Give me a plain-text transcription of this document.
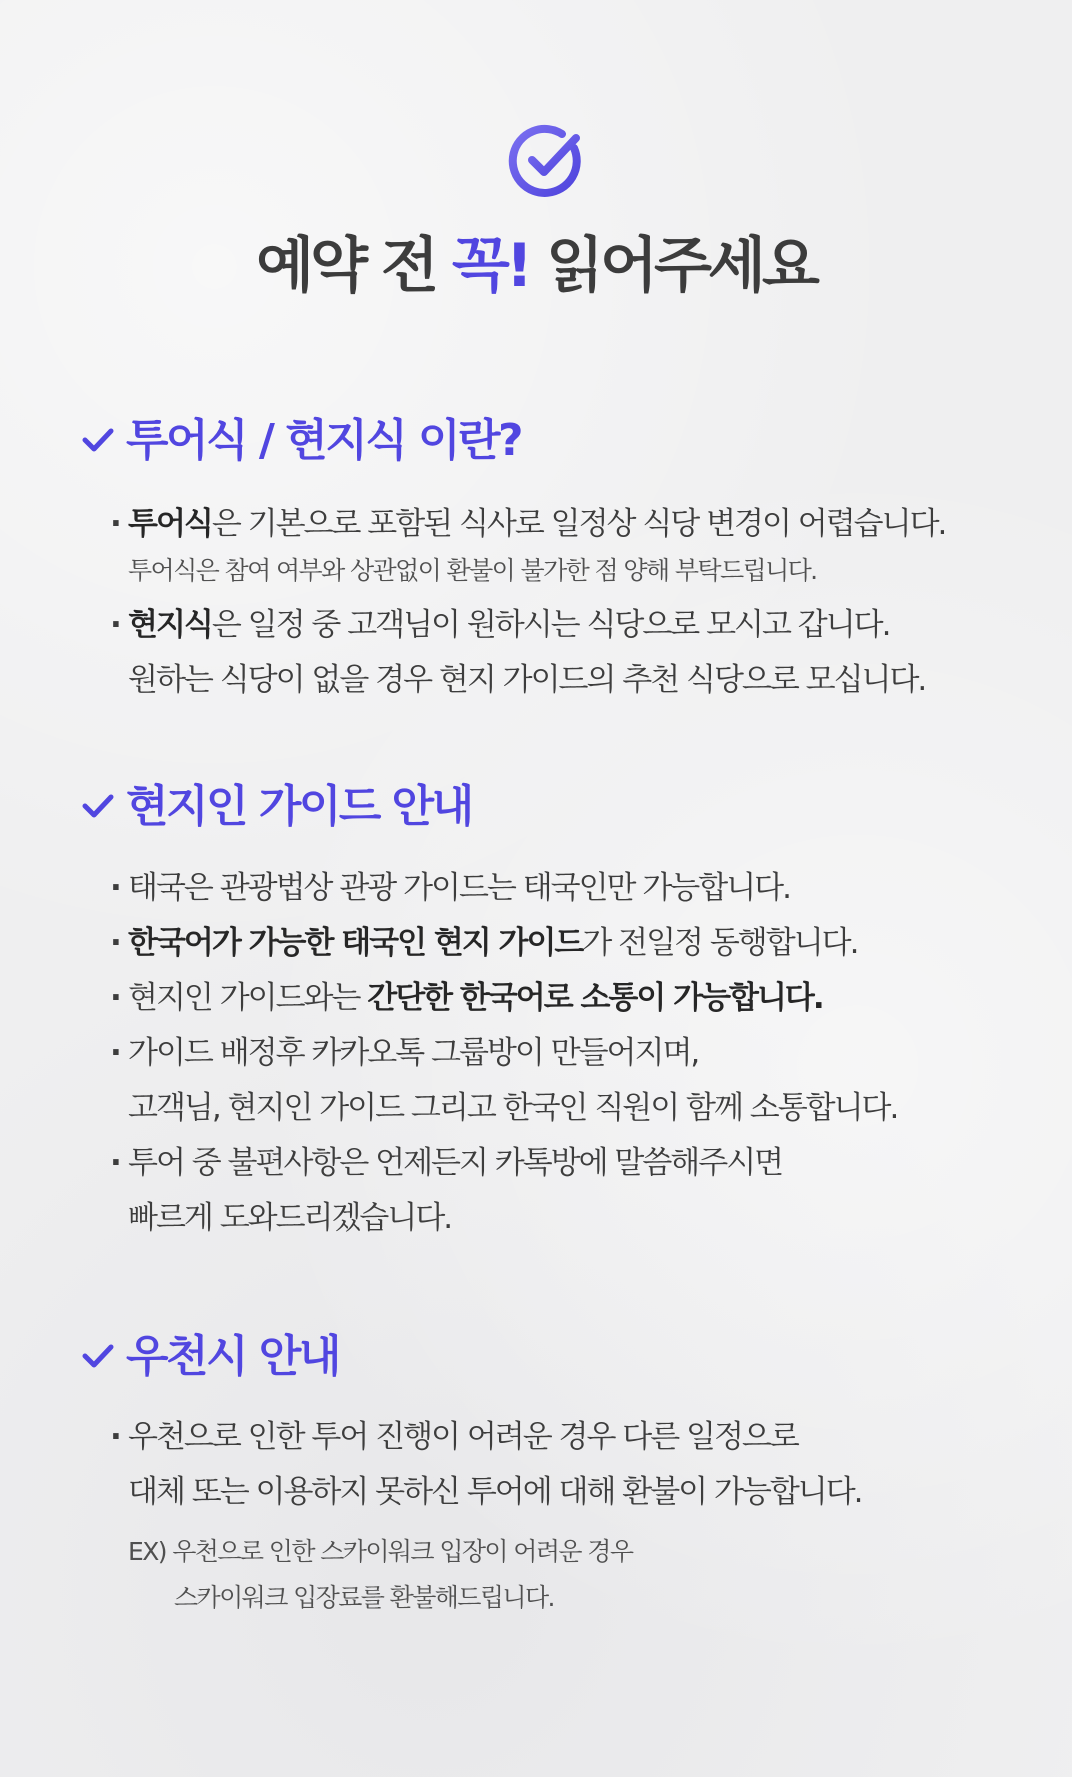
예약 전 꼭! 읽어주세요
투어식 / 현지식 이란?
· 투어식은 기본으로 포함된 식사로 일정상 식당 변경이 어렵습니다.
투어식은 참여 여부와 상관없이 환불이 불가한 점 양해 부탁드립니다.
· 현지식은 일정 중 고객님이 원하시는 식당으로 모시고 갑니다.
원하는 식당이 없을 경우 현지 가이드의 추천 식당으로 모십니다.
현지인 가이드 안내
· 태국은 관광법상 관광 가이드는 태국인만 가능합니다.
· 한국어가 가능한 태국인 현지 가이드가 전일정 동행합니다.
· 현지인 가이드와는 간단한 한국어로 소통이 가능합니다.
· 가이드 배정후 카카오톡 그룹방이 만들어지며,
고객님, 현지인 가이드 그리고 한국인 직원이 함께 소통합니다.
· 투어 중 불편사항은 언제든지 카톡방에 말씀해주시면
빠르게 도와드리겠습니다.
우천시 안내
· 우천으로 인한 투어 진행이 어려운 경우 다른 일정으로
대체 또는 이용하지 못하신 투어에 대해 환불이 가능합니다.
EX) 우천으로 인한 스카이워크 입장이 어려운 경우
스카이워크 입장료를 환불해드립니다.
